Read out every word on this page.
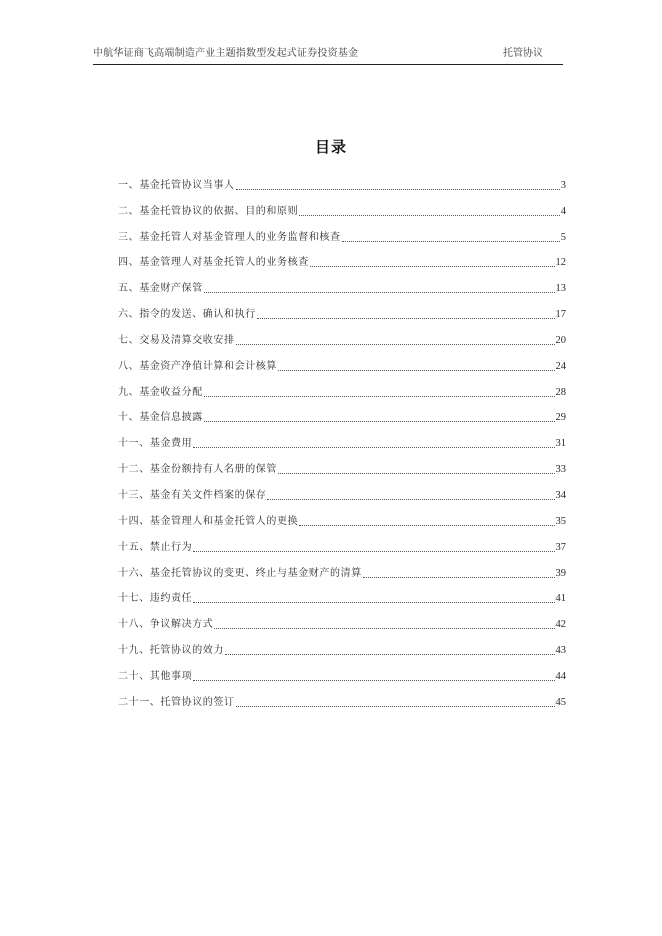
中航华证商飞高端制造产业主题指数型发起式证券投资基金	托管协议
目录
一、基金托管协议当事人	3
二、基金托管协议的依据、目的和原则	4
三、基金托管人对基金管理人的业务监督和核查	5
四、基金管理人对基金托管人的业务核查	12
五、基金财产保管	13
六、指令的发送、确认和执行	17
七、交易及清算交收安排	20
八、基金资产净值计算和会计核算	24
九、基金收益分配	28
十、基金信息披露	29
十一、基金费用	31
十二、基金份额持有人名册的保管	33
十三、基金有关文件档案的保存	34
十四、基金管理人和基金托管人的更换	35
十五、禁止行为	37
十六、基金托管协议的变更、终止与基金财产的清算	39
十七、违约责任	41
十八、争议解决方式	42
十九、托管协议的效力	43
二十、其他事项	44
二十一、托管协议的签订	45
